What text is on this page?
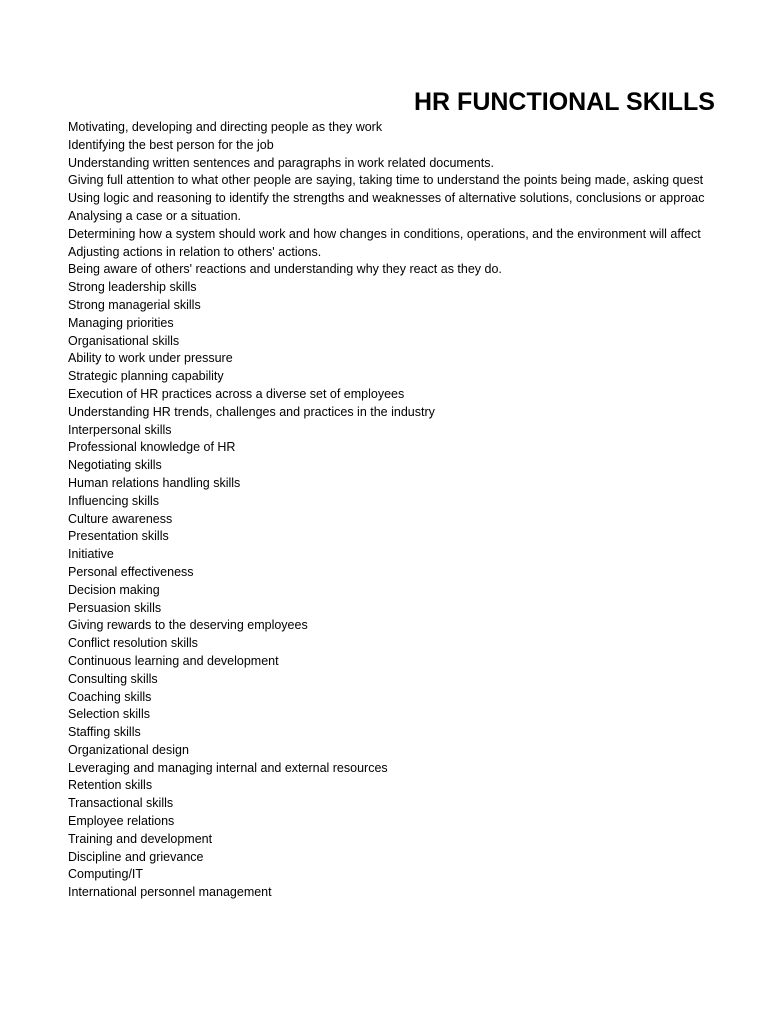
HR FUNCTIONAL SKILLS
Motivating, developing and directing people as they work
Identifying the best person for the job
Understanding written sentences and paragraphs in work related documents.
Giving full attention to what other people are saying, taking time to understand the points being made, asking quest
Using logic and reasoning to identify the strengths and weaknesses of alternative solutions, conclusions or approac
Analysing a case or a situation.
Determining how a system should work and how changes in conditions, operations, and the environment will affect
Adjusting actions in relation to others' actions.
Being aware of others' reactions and understanding why they react as they do.
Strong leadership skills
Strong managerial skills
Managing priorities
Organisational skills
Ability to work under pressure
Strategic planning capability
Execution of HR practices across a diverse set of employees
Understanding HR trends, challenges and practices in the industry
Interpersonal skills
Professional knowledge of HR
Negotiating skills
Human relations handling skills
Influencing skills
Culture awareness
Presentation skills
Initiative
Personal effectiveness
Decision making
Persuasion skills
Giving rewards to the deserving employees
Conflict resolution skills
Continuous learning and development
Consulting skills
Coaching skills
Selection skills
Staffing skills
Organizational design
Leveraging and managing internal and external resources
Retention skills
Transactional skills
Employee relations
Training and development
Discipline and grievance
Computing/IT
International personnel management
